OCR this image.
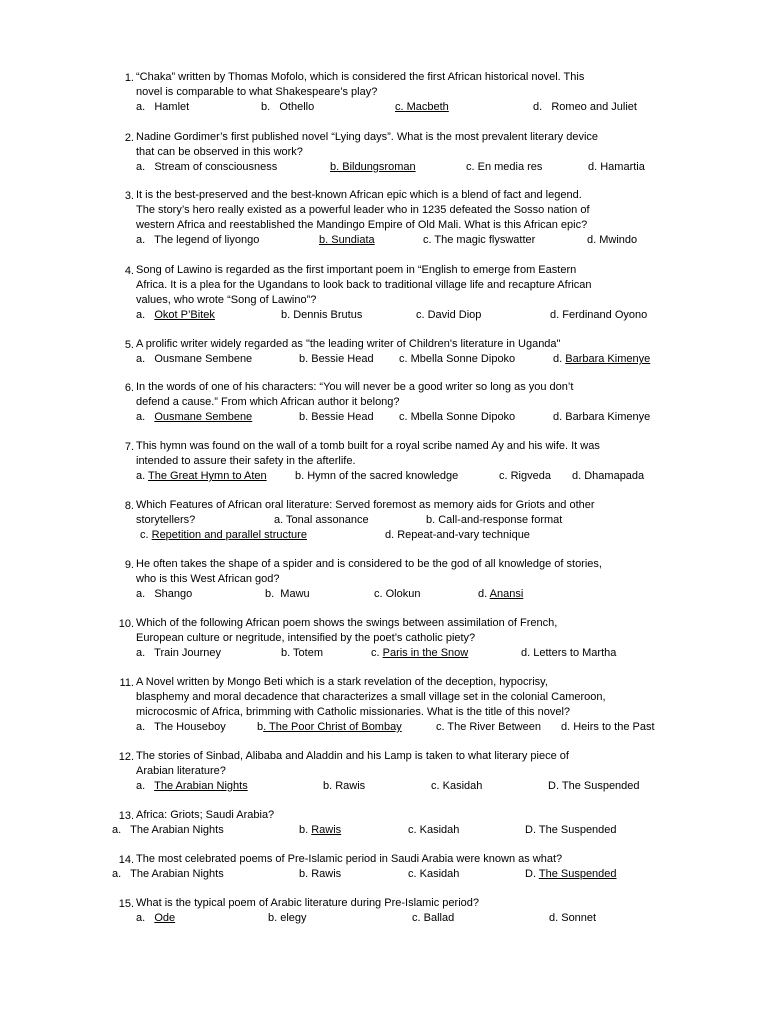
1. “Chaka” written by Thomas Mofolo, which is considered the first African historical novel. This
novel is comparable to what Shakespeare’s play?
a.   Hamlet	b.   Othello	c. Macbeth	d.   Romeo and Juliet
2. Nadine Gordimer’s first published novel “Lying days”. What is the most prevalent literary device
that can be observed in this work?
a.   Stream of consciousness	b. Bildungsroman	c. En media res	d. Hamartia
3. It is the best-preserved and the best-known African epic which is a blend of fact and legend.
The story’s hero really existed as a powerful leader who in 1235 defeated the Sosso nation of
western Africa and reestablished the Mandingo Empire of Old Mali. What is this African epic?
a.   The legend of liyongo	b. Sundiata	c. The magic flyswatter	d. Mwindo
4. Song of Lawino is regarded as the first important poem in “English to emerge from Eastern
Africa. It is a plea for the Ugandans to look back to traditional village life and recapture African
values, who wrote “Song of Lawino”?
a.   Okot P’Bitek	b. Dennis Brutus	c. David Diop	d. Ferdinand Oyono
5. A prolific writer widely regarded as "the leading writer of Children's literature in Uganda"
a.   Ousmane Sembene	b. Bessie Head c. Mbella Sonne Dipoko	d. Barbara Kimenye
6. In the words of one of his characters: “You will never be a good writer so long as you don’t
defend a cause.” From which African author it belong?
a.   Ousmane Sembene	b. Bessie Head c. Mbella Sonne Dipoko	d. Barbara Kimenye
7. This hymn was found on the wall of a tomb built for a royal scribe named Ay and his wife. It was
intended to assure their safety in the afterlife.
a. The Great Hymn to Aten	b. Hymn of the sacred knowledge	c. Rigveda d. Dhamapada
8. Which Features of African oral literature: Served foremost as memory aids for Griots and other
storytellers?	a. Tonal assonance	b. Call-and-response format
c. Repetition and parallel structure	d. Repeat-and-vary technique
9. He often takes the shape of a spider and is considered to be the god of all knowledge of stories,
who is this West African god?
a.   Shango	b.  Mawu	c. Olokun	d. Anansi
10. Which of the following African poem shows the swings between assimilation of French,
European culture or negritude, intensified by the poet’s catholic piety?
a.   Train Journey	b. Totem	c. Paris in the Snow	d. Letters to Martha
11. A Novel written by Mongo Beti which is a stark revelation of the deception, hypocrisy,
blasphemy and moral decadence that characterizes a small village set in the colonial Cameroon,
microcosmic of Africa, brimming with Catholic missionaries. What is the title of this novel?
a.   The Houseboy	b. The Poor Christ of Bombay	c. The River Between d. Heirs to the Past
12. The stories of Sinbad, Alibaba and Aladdin and his Lamp is taken to what literary piece of
Arabian literature?
a.   The Arabian Nights	b. Rawis	c. Kasidah	D. The Suspended
13. Africa: Griots; Saudi Arabia?
a.   The Arabian Nights	b. Rawis	c. Kasidah	D. The Suspended
14. The most celebrated poems of Pre-Islamic period in Saudi Arabia were known as what?
a.   The Arabian Nights	b. Rawis	c. Kasidah	D. The Suspended
15. What is the typical poem of Arabic literature during Pre-Islamic period?
a.   Ode	b. elegy	c. Ballad	d. Sonnet
